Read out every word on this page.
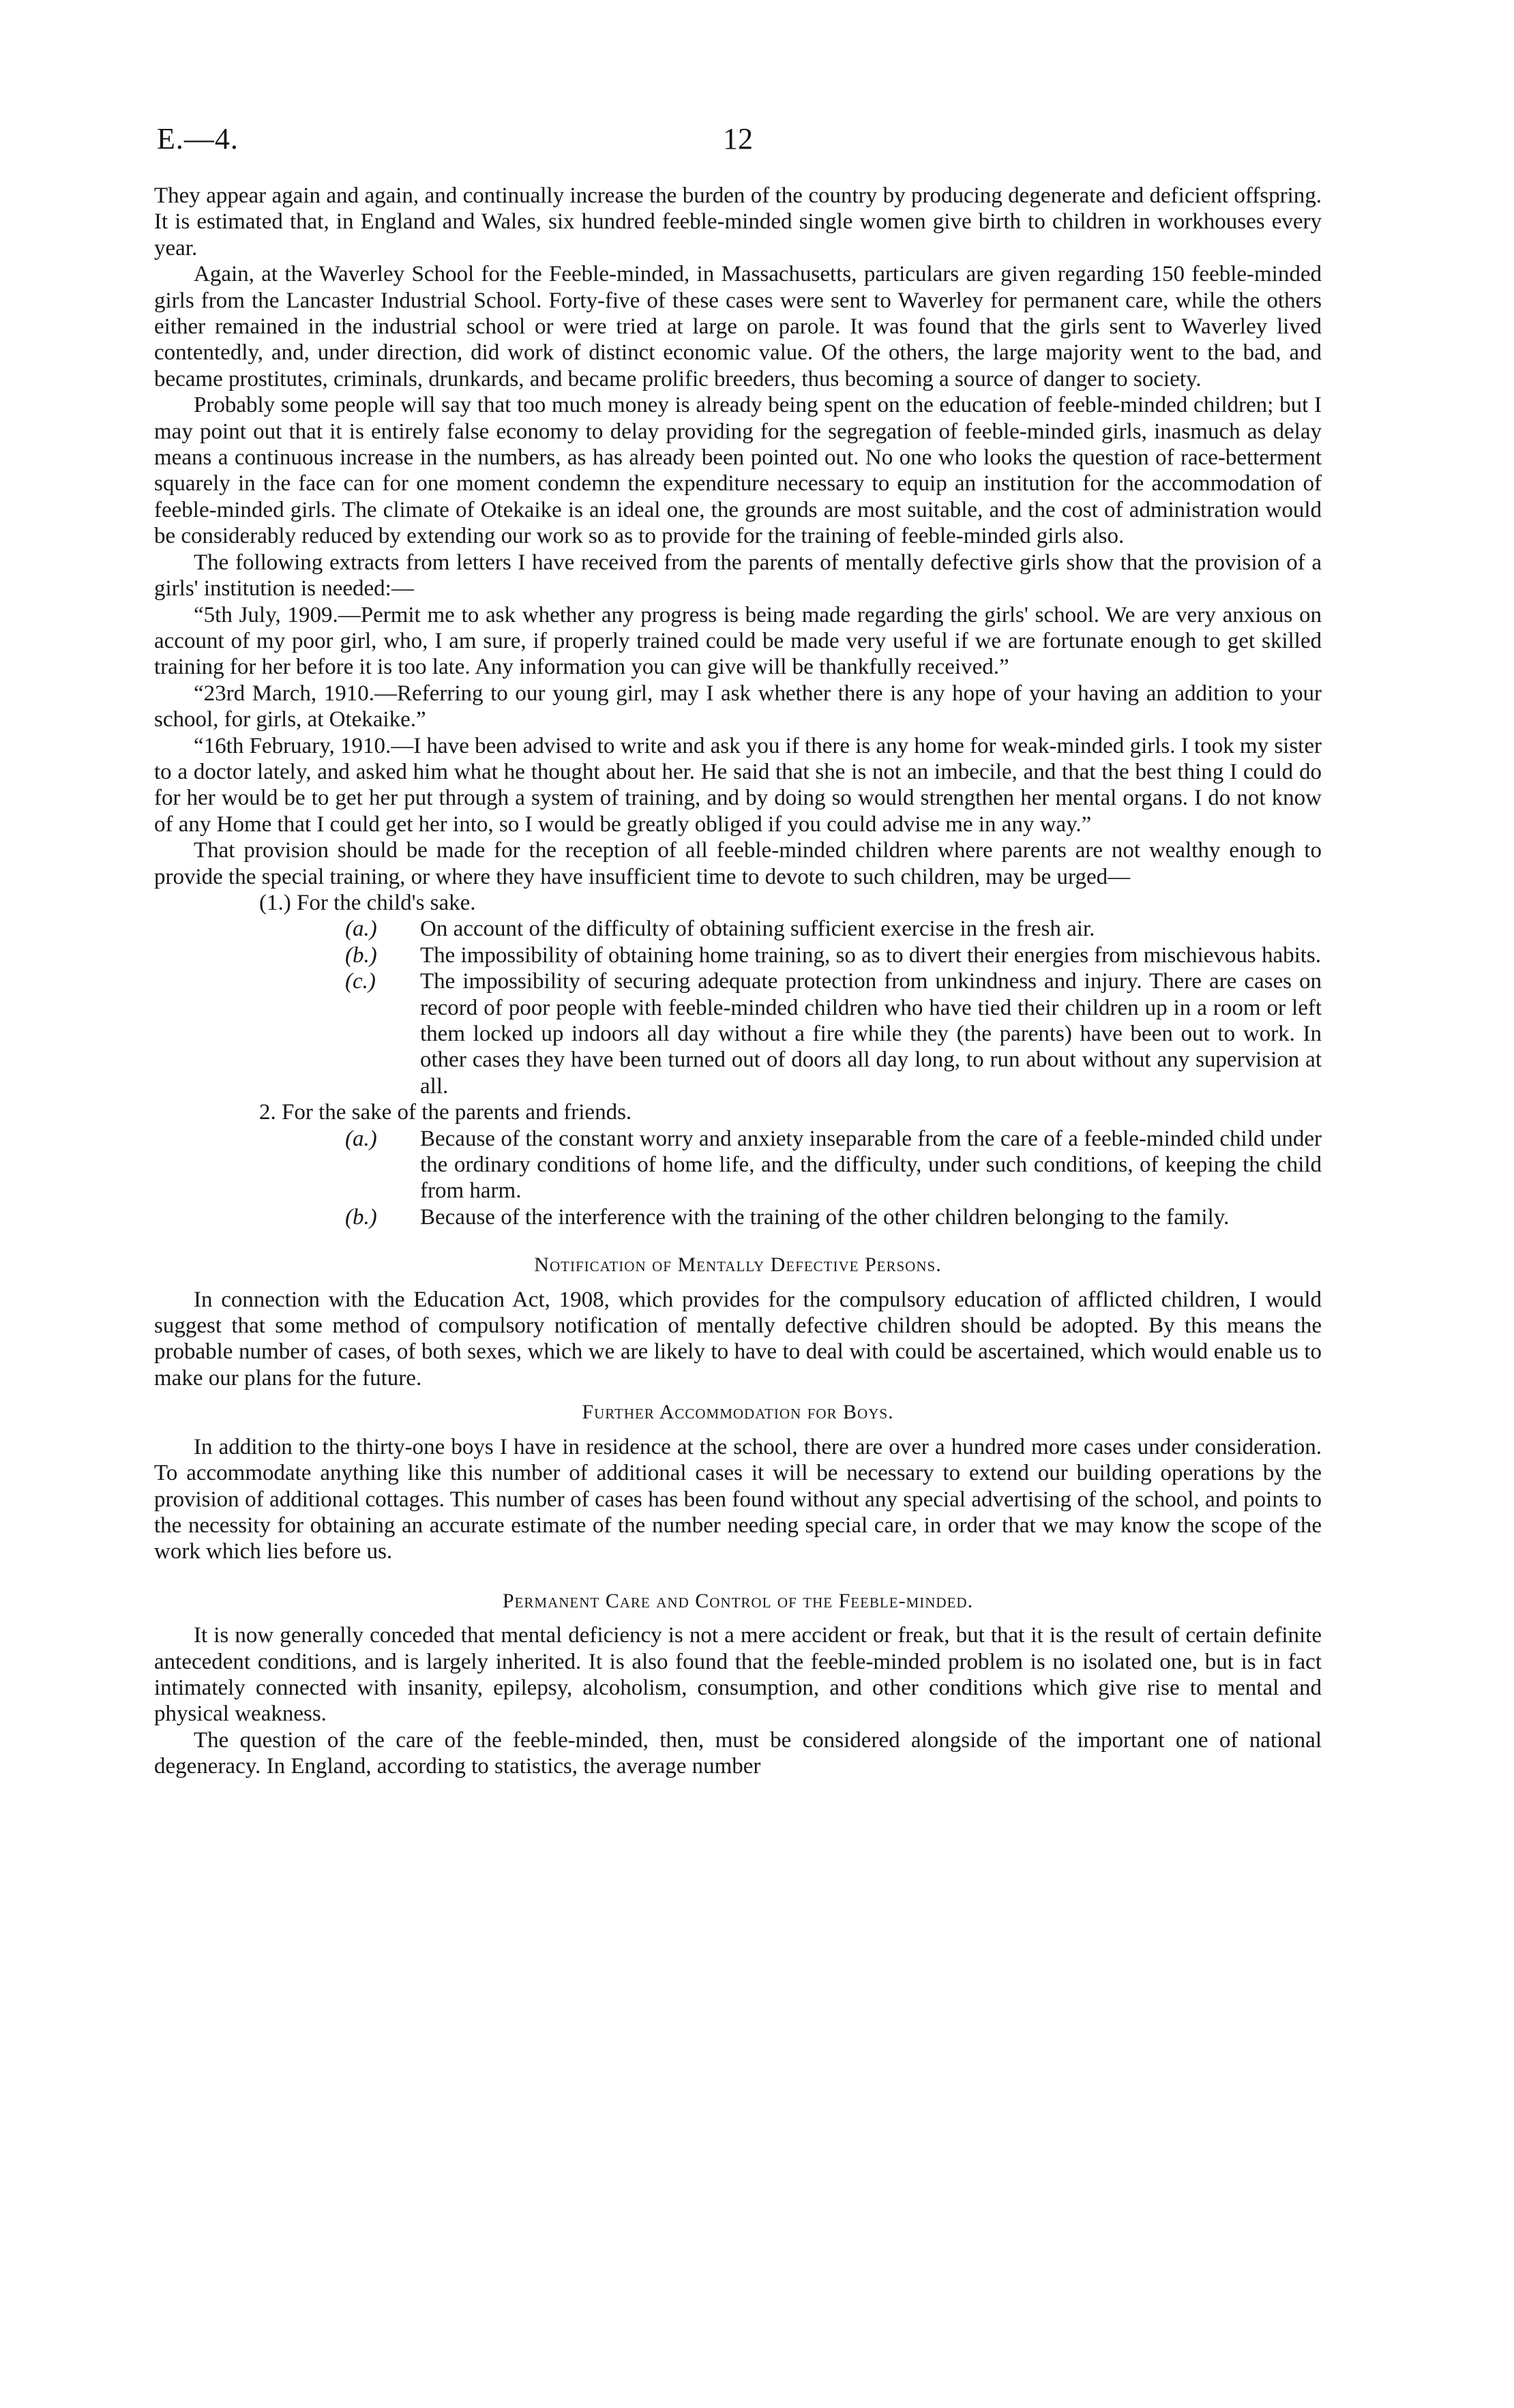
E.—4.	12

They appear again and again, and continually increase the burden of the country by producing degenerate and deficient offspring. It is estimated that, in England and Wales, six hundred feeble-minded single women give birth to children in workhouses every year.

Again, at the Waverley School for the Feeble-minded, in Massachusetts, particulars are given regarding 150 feeble-minded girls from the Lancaster Industrial School. Forty-five of these cases were sent to Waverley for permanent care, while the others either remained in the industrial school or were tried at large on parole. It was found that the girls sent to Waverley lived contentedly, and, under direction, did work of distinct economic value. Of the others, the large majority went to the bad, and became prostitutes, criminals, drunkards, and became prolific breeders, thus becoming a source of danger to society.

Probably some people will say that too much money is already being spent on the education of feeble-minded children; but I may point out that it is entirely false economy to delay providing for the segregation of feeble-minded girls, inasmuch as delay means a continuous increase in the numbers, as has already been pointed out. No one who looks the question of race-betterment squarely in the face can for one moment condemn the expenditure necessary to equip an institution for the accommodation of feeble-minded girls. The climate of Otekaike is an ideal one, the grounds are most suitable, and the cost of administration would be considerably reduced by extending our work so as to provide for the training of feeble-minded girls also.

The following extracts from letters I have received from the parents of mentally defective girls show that the provision of a girls' institution is needed:—

“5th July, 1909.—Permit me to ask whether any progress is being made regarding the girls' school. We are very anxious on account of my poor girl, who, I am sure, if properly trained could be made very useful if we are fortunate enough to get skilled training for her before it is too late. Any information you can give will be thankfully received.”

“23rd March, 1910.—Referring to our young girl, may I ask whether there is any hope of your having an addition to your school, for girls, at Otekaike.”

“16th February, 1910.—I have been advised to write and ask you if there is any home for weak-minded girls. I took my sister to a doctor lately, and asked him what he thought about her. He said that she is not an imbecile, and that the best thing I could do for her would be to get her put through a system of training, and by doing so would strengthen her mental organs. I do not know of any Home that I could get her into, so I would be greatly obliged if you could advise me in any way.”

That provision should be made for the reception of all feeble-minded children where parents are not wealthy enough to provide the special training, or where they have insufficient time to devote to such children, may be urged—

(1.) For the child's sake.
(a.) On account of the difficulty of obtaining sufficient exercise in the fresh air.
(b.) The impossibility of obtaining home training, so as to divert their energies from mischievous habits.
(c.) The impossibility of securing adequate protection from unkindness and injury. There are cases on record of poor people with feeble-minded children who have tied their children up in a room or left them locked up indoors all day without a fire while they (the parents) have been out to work. In other cases they have been turned out of doors all day long, to run about without any supervision at all.
2. For the sake of the parents and friends.
(a.) Because of the constant worry and anxiety inseparable from the care of a feeble-minded child under the ordinary conditions of home life, and the difficulty, under such conditions, of keeping the child from harm.
(b.) Because of the interference with the training of the other children belonging to the family.
Notification of Mentally Defective Persons.

In connection with the Education Act, 1908, which provides for the compulsory education of afflicted children, I would suggest that some method of compulsory notification of mentally defective children should be adopted. By this means the probable number of cases, of both sexes, which we are likely to have to deal with could be ascertained, which would enable us to make our plans for the future.

Further Accommodation for Boys.

In addition to the thirty-one boys I have in residence at the school, there are over a hundred more cases under consideration. To accommodate anything like this number of additional cases it will be necessary to extend our building operations by the provision of additional cottages. This number of cases has been found without any special advertising of the school, and points to the necessity for obtaining an accurate estimate of the number needing special care, in order that we may know the scope of the work which lies before us.

Permanent Care and Control of the Feeble-minded.

It is now generally conceded that mental deficiency is not a mere accident or freak, but that it is the result of certain definite antecedent conditions, and is largely inherited. It is also found that the feeble-minded problem is no isolated one, but is in fact intimately connected with insanity, epilepsy, alcoholism, consumption, and other conditions which give rise to mental and physical weakness.

The question of the care of the feeble-minded, then, must be considered alongside of the important one of national degeneracy. In England, according to statistics, the average number
